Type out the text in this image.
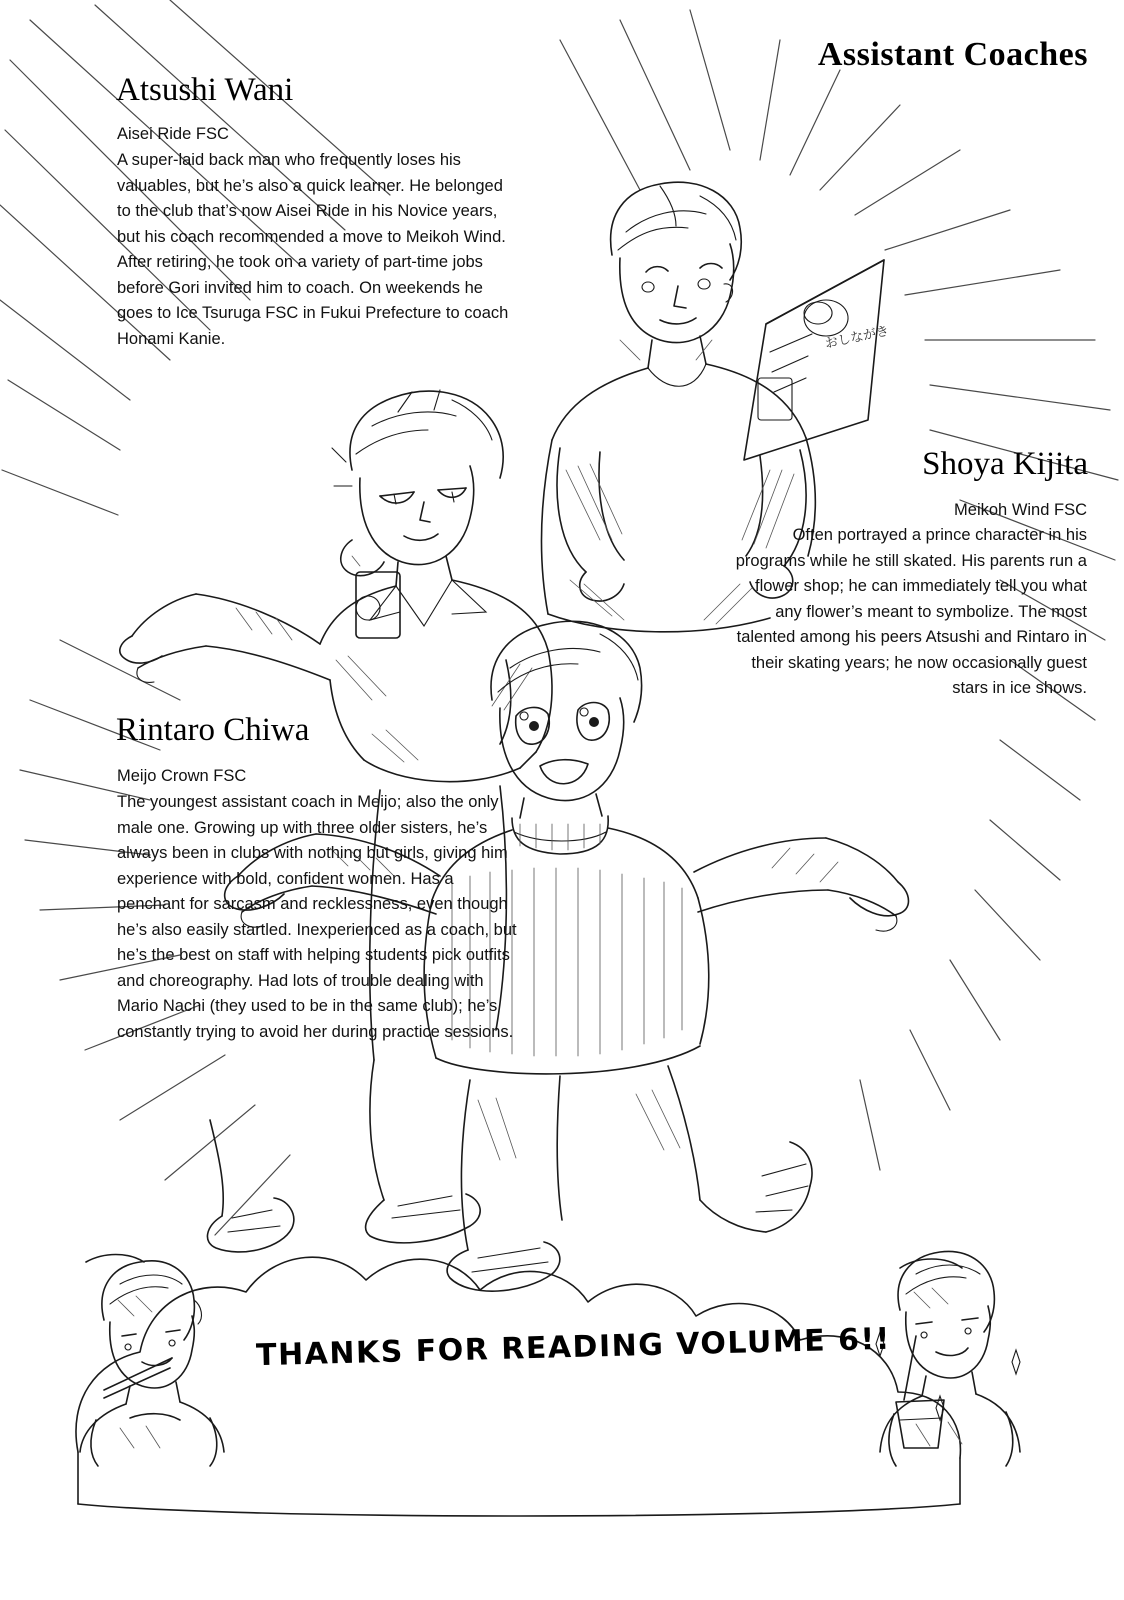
おしながき
Assistant Coaches
Atsushi Wani
Aisei Ride FSC

A super-laid back man who frequently loses his valuables, but he’s also a quick learner. He belonged to the club that’s now Aisei Ride in his Novice years, but his coach recommended a move to Meikoh Wind. After retiring, he took on a variety of part-time jobs before Gori invited him to coach. On weekends he goes to Ice Tsuruga FSC in Fukui Prefecture to coach Honami Kanie.

Shoya Kijita
Meikoh Wind FSC

Often portrayed a prince character in his programs while he still skated. His parents run a flower shop; he can immediately tell you what any flower’s meant to symbolize. The most talented among his peers Atsushi and Rintaro in their skating years; he now occasionally guest stars in ice shows.

Rintaro Chiwa
Meijo Crown FSC

The youngest assistant coach in Meijo; also the only male one. Growing up with three older sisters, he’s always been in clubs with nothing but girls, giving him experience with bold, confident women. Has a penchant for sarcasm and recklessness, even though he’s also easily startled. Inexperienced as a coach, but he’s the best on staff with helping students pick outfits and choreography. Had lots of trouble dealing with Mario Nachi (they used to be in the same club); he’s constantly trying to avoid her during practice sessions.

THANKS FOR READING VOLUME 6!!
